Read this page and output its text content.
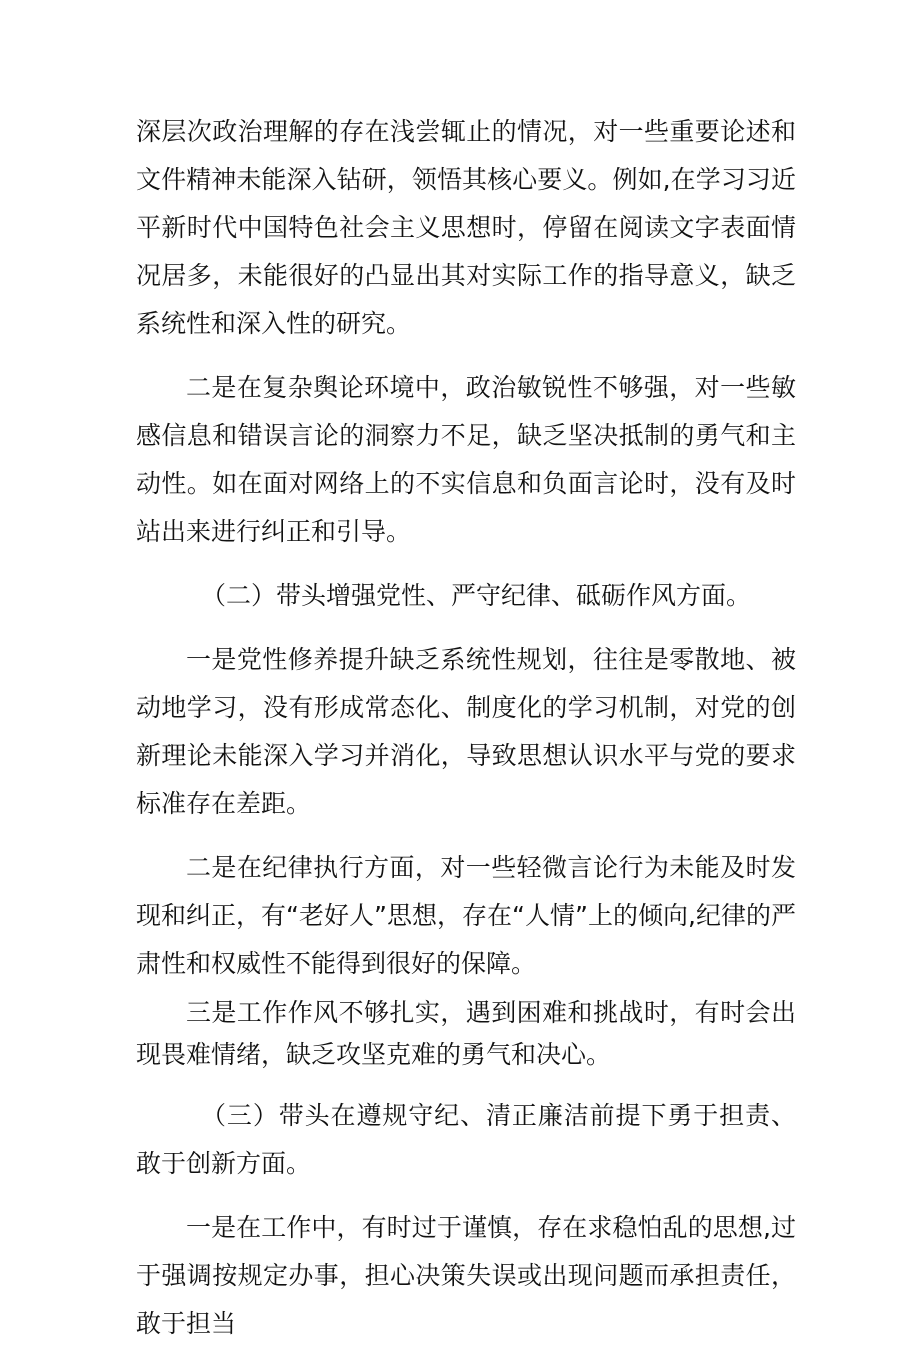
深层次政治理解的存在浅尝辄止的情况，对一些重要论述和文件精神未能深入钻研，领悟其核心要义。例如,在学习习近平新时代中国特色社会主义思想时，停留在阅读文字表面情况居多，未能很好的凸显出其对实际工作的指导意义，缺乏系统性和深入性的研究。

二是在复杂舆论环境中，政治敏锐性不够强，对一些敏感信息和错误言论的洞察力不足，缺乏坚决抵制的勇气和主动性。如在面对网络上的不实信息和负面言论时，没有及时站出来进行纠正和引导。

（二）带头增强党性、严守纪律、砥砺作风方面。

一是党性修养提升缺乏系统性规划，往往是零散地、被动地学习，没有形成常态化、制度化的学习机制，对党的创新理论未能深入学习并消化，导致思想认识水平与党的要求标准存在差距。

二是在纪律执行方面，对一些轻微言论行为未能及时发现和纠正，有“老好人”思想，存在“人情”上的倾向,纪律的严肃性和权威性不能得到很好的保障。

三是工作作风不够扎实，遇到困难和挑战时，有时会出现畏难情绪，缺乏攻坚克难的勇气和决心。

（三）带头在遵规守纪、清正廉洁前提下勇于担责、敢于创新方面。

一是在工作中，有时过于谨慎，存在求稳怕乱的思想,过于强调按规定办事，担心决策失误或出现问题而承担责任，敢于担当
